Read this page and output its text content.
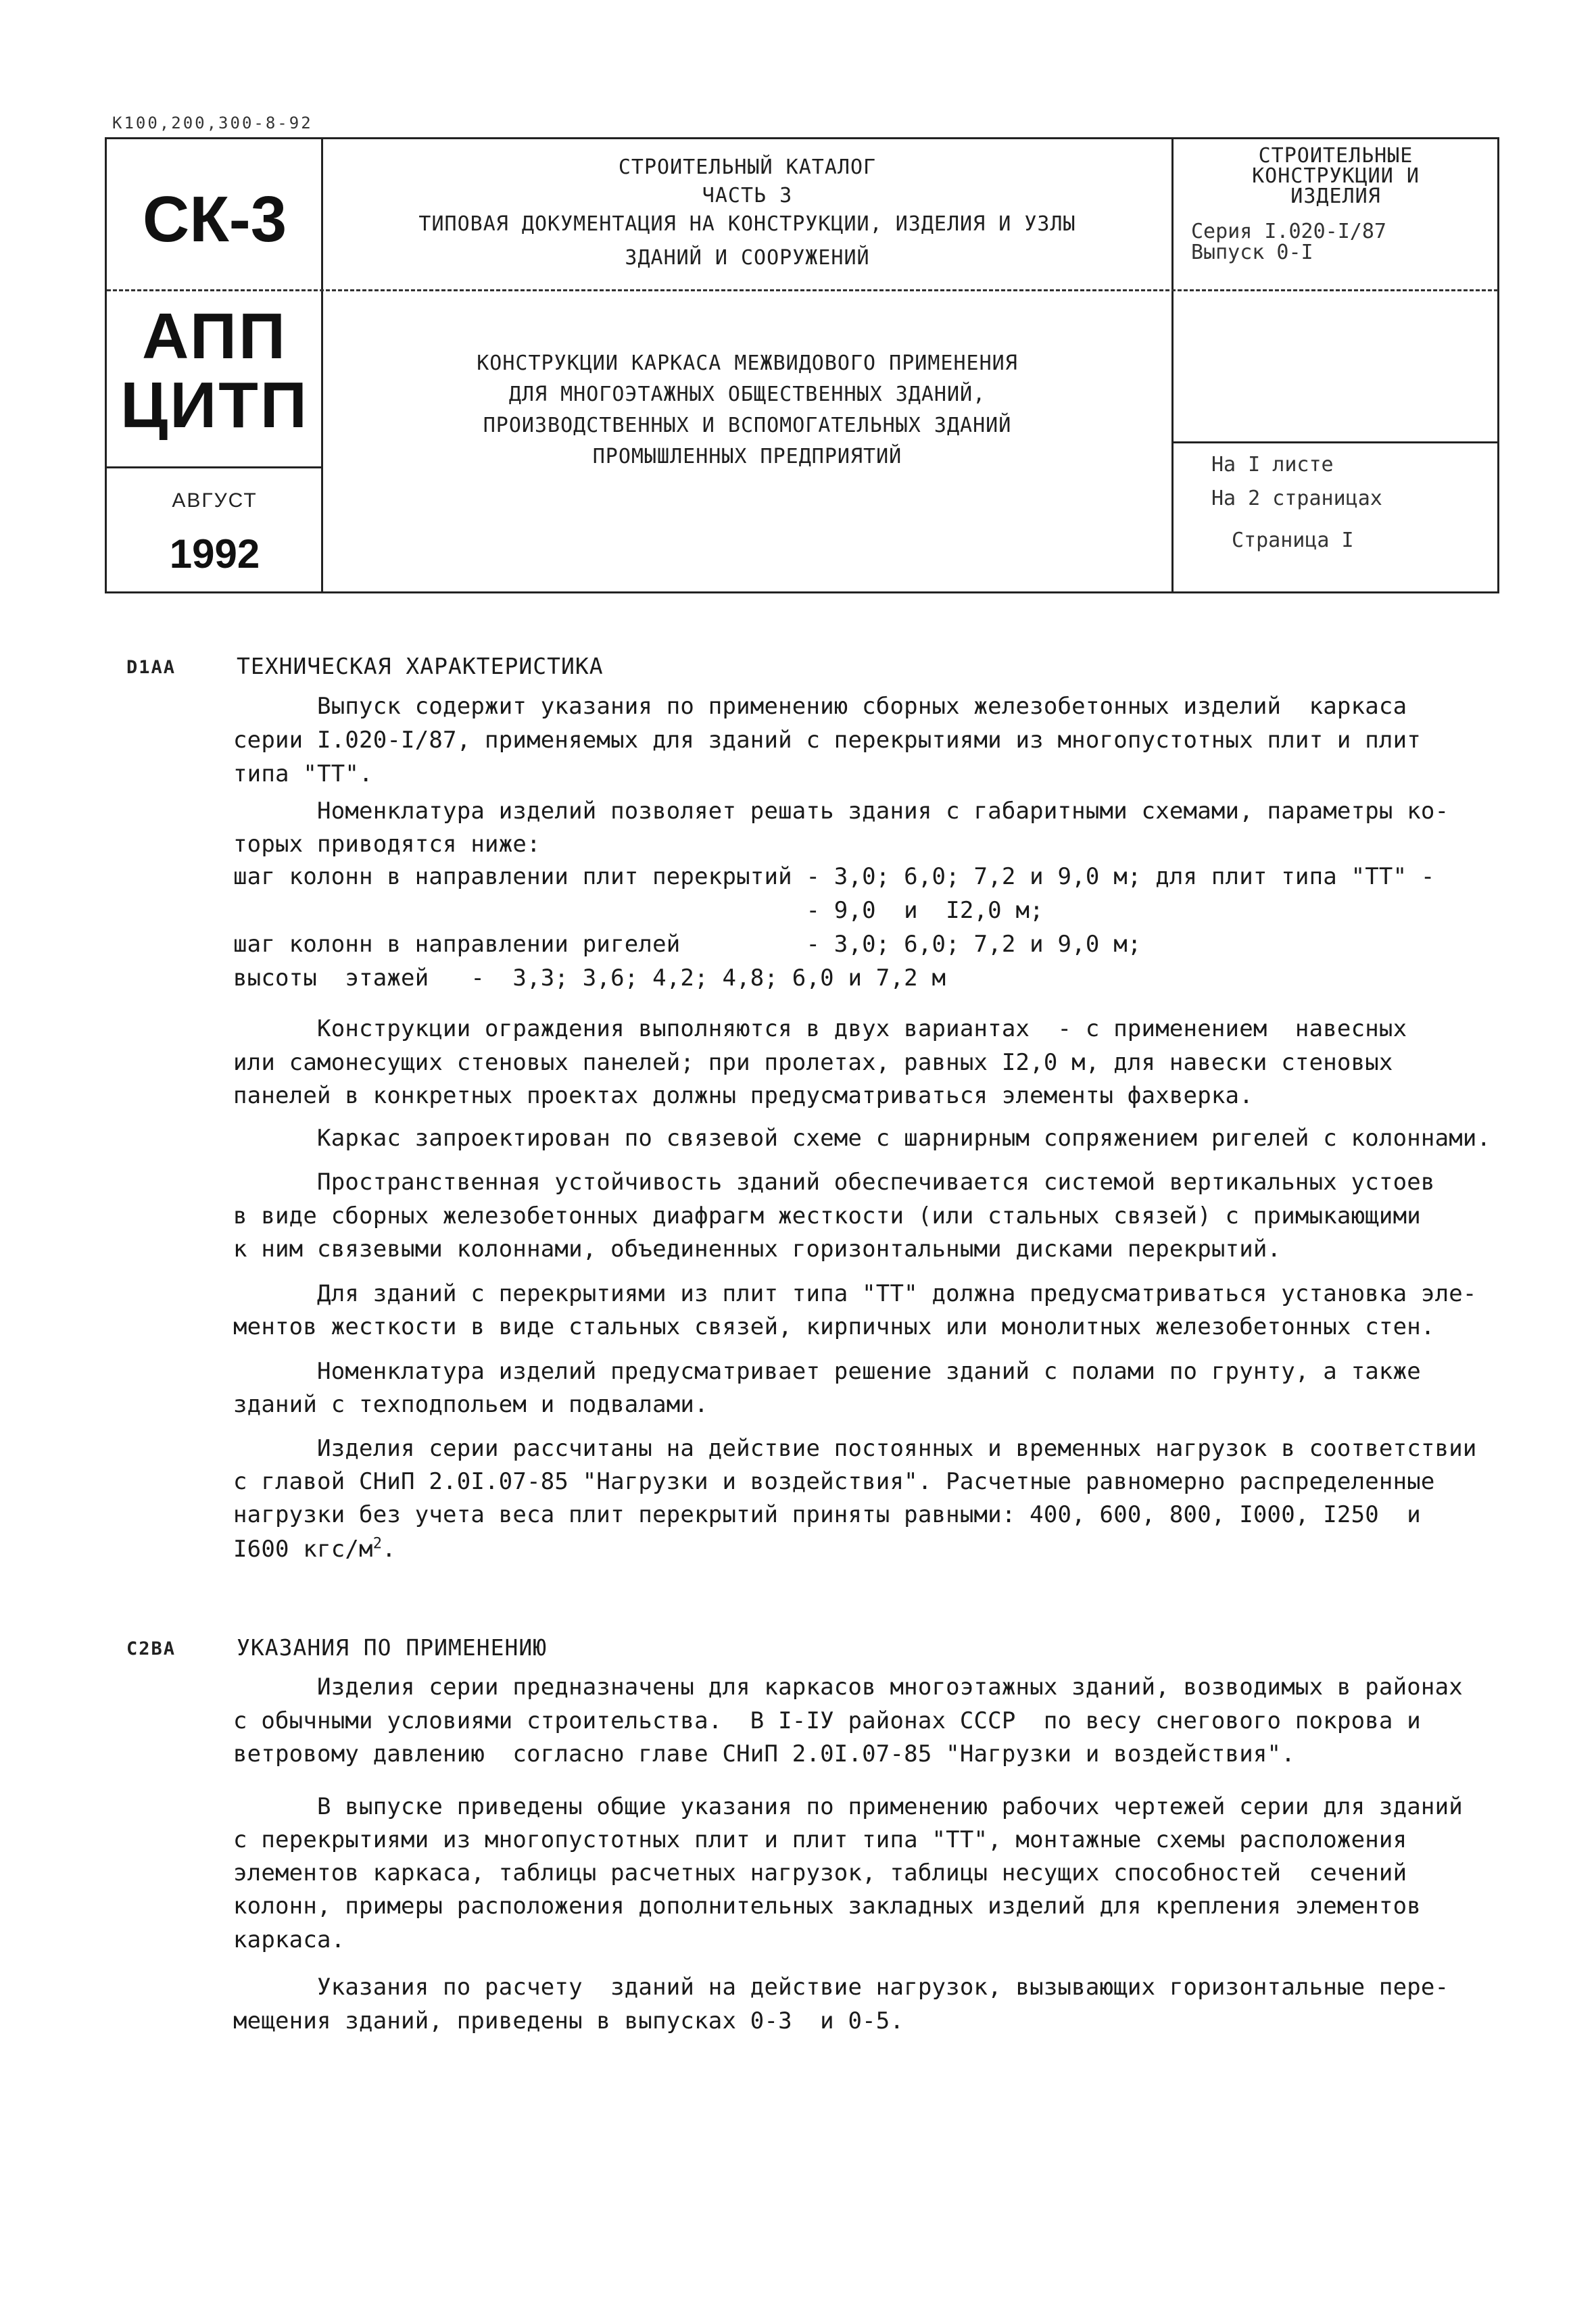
К100,200,300-8-92
СК-3
АПП
ЦИТП
АВГУСТ
1992
СТРОИТЕЛЬНЫЙ КАТАЛОГ
ЧАСТЬ 3
ТИПОВАЯ ДОКУМЕНТАЦИЯ НА КОНСТРУКЦИИ, ИЗДЕЛИЯ И УЗЛЫ
ЗДАНИЙ И СООРУЖЕНИЙ
КОНСТРУКЦИИ КАРКАСА МЕЖВИДОВОГО ПРИМЕНЕНИЯ
ДЛЯ МНОГОЭТАЖНЫХ ОБЩЕСТВЕННЫХ ЗДАНИЙ,
ПРОИЗВОДСТВЕННЫХ И ВСПОМОГАТЕЛЬНЫХ ЗДАНИЙ
ПРОМЫШЛЕННЫХ ПРЕДПРИЯТИЙ
СТРОИТЕЛЬНЫЕ
КОНСТРУКЦИИ И
ИЗДЕЛИЯ
Серия I.020-I/87
Выпуск 0-I
На I листе
На 2 страницах
Страница I
D1AA	ТЕХНИЧЕСКАЯ ХАРАКТЕРИСТИКА
Выпуск содержит указания по применению сборных железобетонных изделий  каркаса
серии I.020-I/87, применяемых для зданий с перекрытиями из многопустотных плит и плит
типа "ТТ".
Номенклатура изделий позволяет решать здания с габаритными схемами, параметры ко-
торых приводятся ниже:
шаг колонн в направлении плит перекрытий - 3,0; 6,0; 7,2 и 9,0 м; для плит типа "ТТ" -
- 9,0  и  I2,0 м;
шаг колонн в направлении ригелей         - 3,0; 6,0; 7,2 и 9,0 м;
высоты  этажей   -  3,3; 3,6; 4,2; 4,8; 6,0 и 7,2 м
Конструкции ограждения выполняются в двух вариантах  - с применением  навесных
или самонесущих стеновых панелей; при пролетах, равных I2,0 м, для навески стеновых
панелей в конкретных проектах должны предусматриваться элементы фахверка.
Каркас запроектирован по связевой схеме с шарнирным сопряжением ригелей с колоннами.
Пространственная устойчивость зданий обеспечивается системой вертикальных устоев
в виде сборных железобетонных диафрагм жесткости (или стальных связей) с примыкающими
к ним связевыми колоннами, объединенных горизонтальными дисками перекрытий.
Для зданий с перекрытиями из плит типа "ТТ" должна предусматриваться установка эле-
ментов жесткости в виде стальных связей, кирпичных или монолитных железобетонных стен.
Номенклатура изделий предусматривает решение зданий с полами по грунту, а также
зданий с техподпольем и подвалами.
Изделия серии рассчитаны на действие постоянных и временных нагрузок в соответствии
с главой СНиП 2.0I.07-85 "Нагрузки и воздействия". Расчетные равномерно распределенные
нагрузки без учета веса плит перекрытий приняты равными: 400, 600, 800, I000, I250  и
I600 кгс/$м^2$.
C2BA	УКАЗАНИЯ ПО ПРИМЕНЕНИЮ
Изделия серии предназначены для каркасов многоэтажных зданий, возводимых в районах
с обычными условиями строительства.  В I-IУ районах СССР  по весу снегового покрова и
ветровому давлению  согласно главе СНиП 2.0I.07-85 "Нагрузки и воздействия".
В выпуске приведены общие указания по применению рабочих чертежей серии для зданий
с перекрытиями из многопустотных плит и плит типа "ТТ", монтажные схемы расположения
элементов каркаса, таблицы расчетных нагрузок, таблицы несущих способностей  сечений
колонн, примеры расположения дополнительных закладных изделий для крепления элементов
каркаса.
Указания по расчету  зданий на действие нагрузок, вызывающих горизонтальные пере-
мещения зданий, приведены в выпусках 0-3  и 0-5.
